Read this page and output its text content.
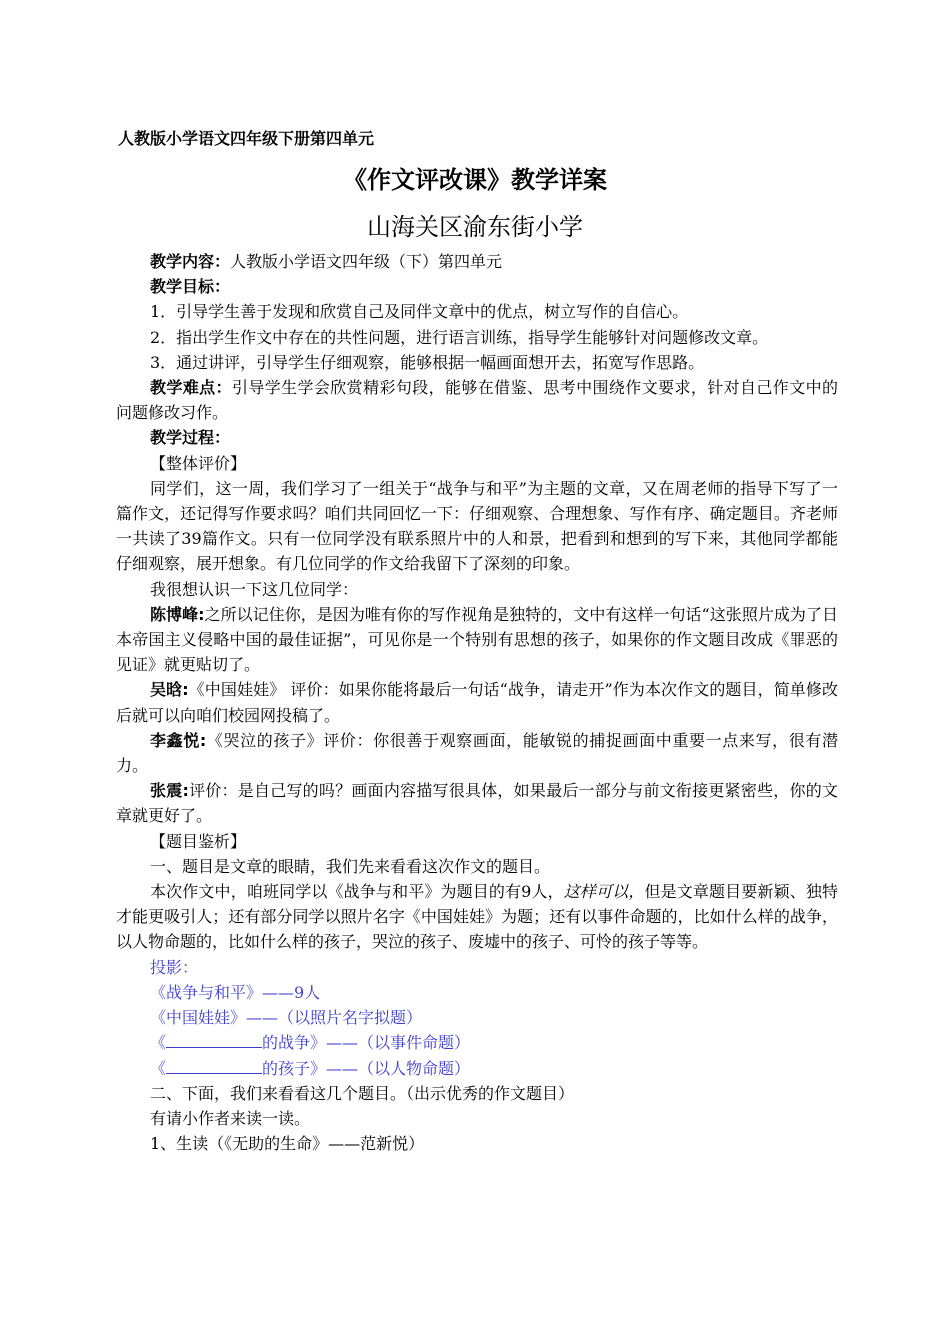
人教版小学语文四年级下册第四单元
《作文评改课》教学详案
山海关区渝东街小学

教学内容：人教版小学语文四年级（下）第四单元

教学目标：

1．引导学生善于发现和欣赏自己及同伴文章中的优点，树立写作的自信心。

2．指出学生作文中存在的共性问题，进行语言训练，指导学生能够针对问题修改文章。

3．通过讲评，引导学生仔细观察，能够根据一幅画面想开去，拓宽写作思路。

教学难点：引导学生学会欣赏精彩句段，能够在借鉴、思考中围绕作文要求，针对自己作文中的问题修改习作。

教学过程：

【整体评价】

同学们，这一周，我们学习了一组关于“战争与和平”为主题的文章，又在周老师的指导下写了一篇作文，还记得写作要求吗？咱们共同回忆一下：仔细观察、合理想象、写作有序、确定题目。齐老师一共读了39篇作文。只有一位同学没有联系照片中的人和景，把看到和想到的写下来，其他同学都能仔细观察，展开想象。有几位同学的作文给我留下了深刻的印象。

我很想认识一下这几位同学：

陈博峰:之所以记住你，是因为唯有你的写作视角是独特的，文中有这样一句话“这张照片成为了日本帝国主义侵略中国的最佳证据”，可见你是一个特别有思想的孩子，如果你的作文题目改成《罪恶的见证》就更贴切了。

吴晗:《中国娃娃》 评价：如果你能将最后一句话“战争，请走开”作为本次作文的题目，简单修改后就可以向咱们校园网投稿了。

李鑫悦:《哭泣的孩子》评价：你很善于观察画面，能敏锐的捕捉画面中重要一点来写，很有潜力。

张震:评价：是自己写的吗？画面内容描写很具体，如果最后一部分与前文衔接更紧密些，你的文章就更好了。

【题目鉴析】

一、题目是文章的眼睛，我们先来看看这次作文的题目。

本次作文中，咱班同学以《战争与和平》为题目的有9人，这样可以，但是文章题目要新颖、独特才能更吸引人；还有部分同学以照片名字《中国娃娃》为题；还有以事件命题的，比如什么样的战争，以人物命题的，比如什么样的孩子，哭泣的孩子、废墟中的孩子、可怜的孩子等等。

投影：

《战争与和平》——9人

《中国娃娃》——（以照片名字拟题）

《	的战争》——（以事件命题）

《	的孩子》——（以人物命题）

二、下面，我们来看看这几个题目。（出示优秀的作文题目）

有请小作者来读一读。

1、生读（《无助的生命》——范新悦）
